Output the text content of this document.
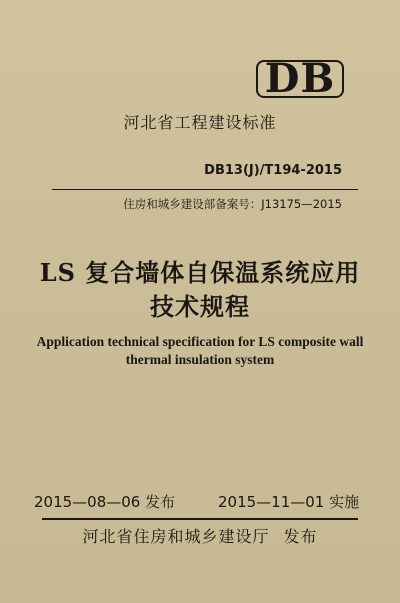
DB
河北省工程建设标准
DB13(J)/T194-2015
住房和城乡建设部备案号：J13175—2015
LS 复合墙体自保温系统应用
技术规程
Application technical specification for LS composite wall
thermal insulation system
2015—08—06 发布	2015—11—01 实施
河北省住房和城乡建设厅 发布
